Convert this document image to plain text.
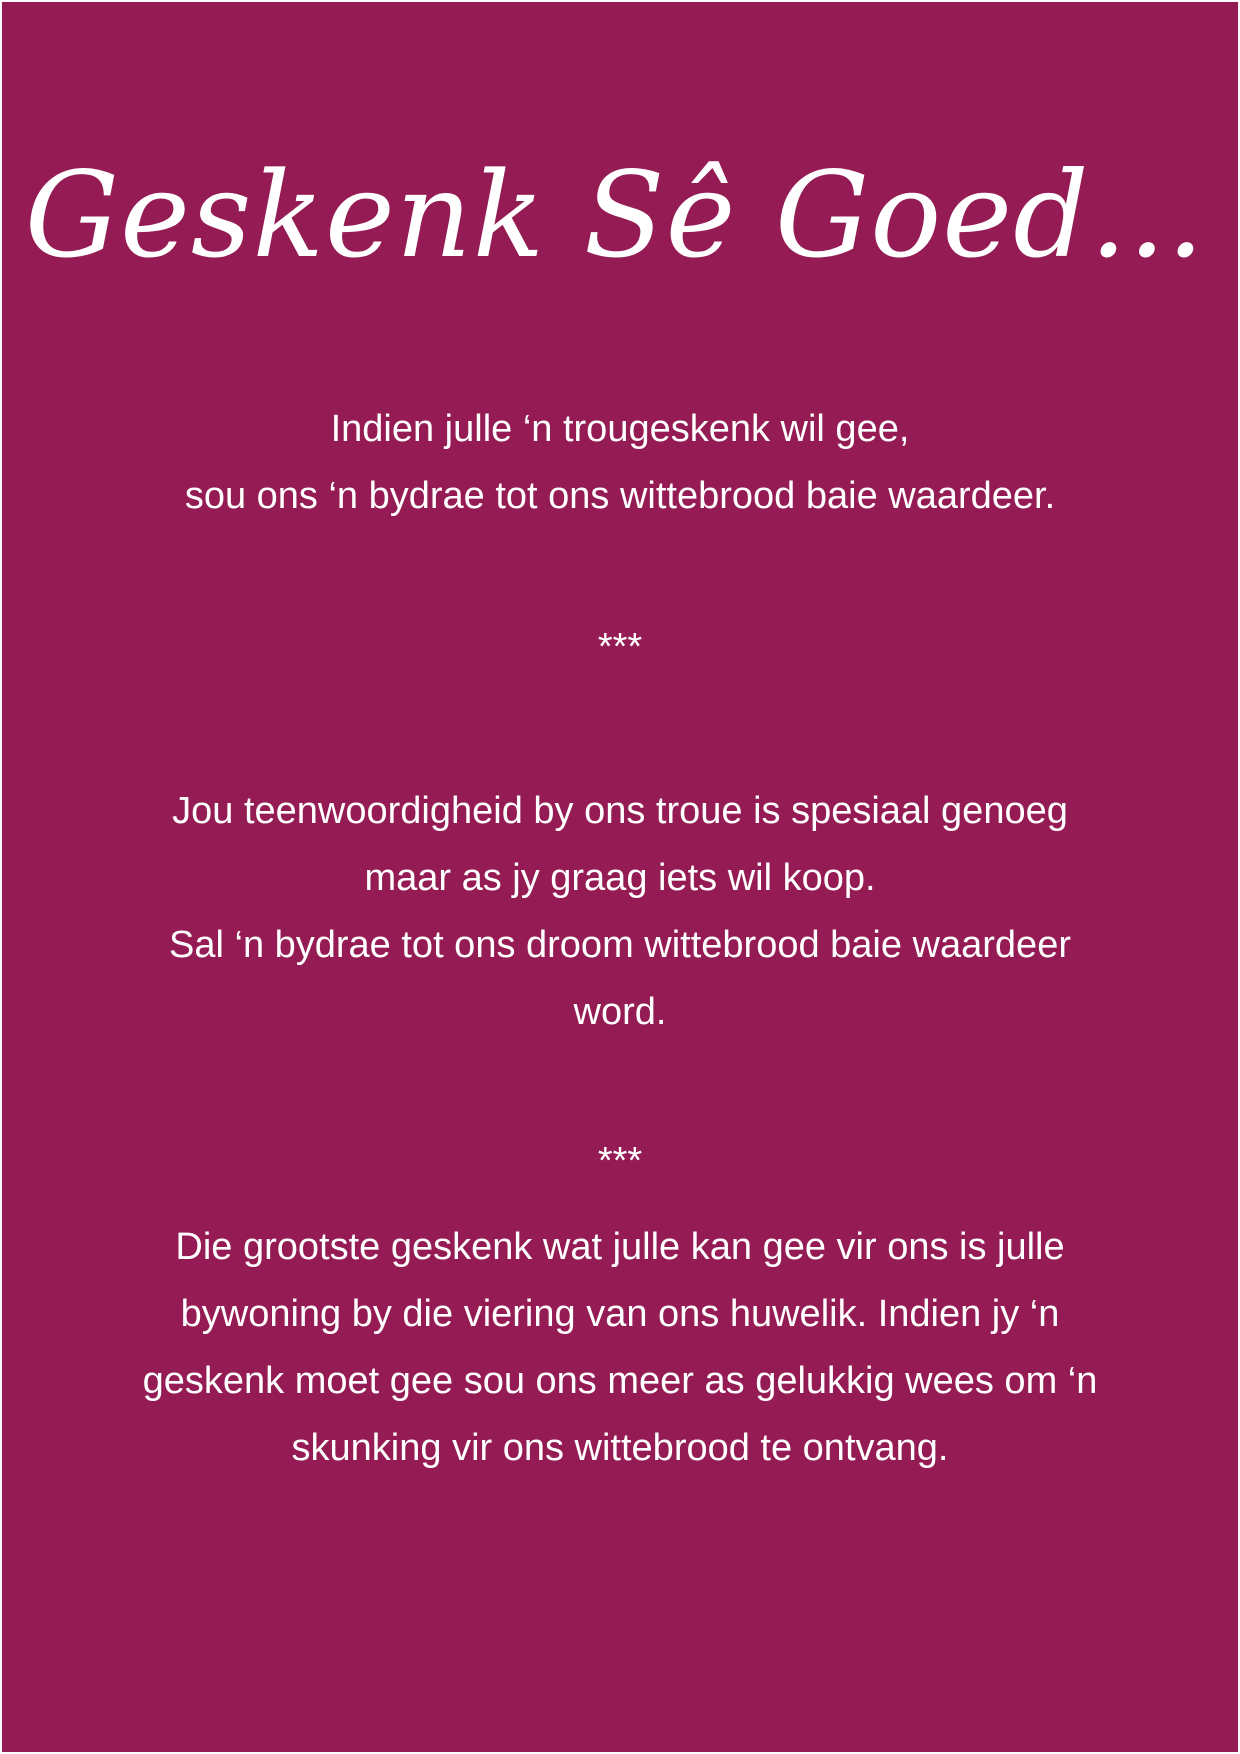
Geskenk Sê Goed...
Indien julle ‘n trougeskenk wil gee,
sou ons ‘n bydrae tot ons wittebrood baie waardeer.
***
Jou teenwoordigheid by ons troue is spesiaal genoeg
maar as jy graag iets wil koop.
Sal ‘n bydrae tot ons droom wittebrood baie waardeer
word.
***
Die grootste geskenk wat julle kan gee vir ons is julle
bywoning by die viering van ons huwelik. Indien jy ‘n
geskenk moet gee sou ons meer as gelukkig wees om ‘n
skunking vir ons wittebrood te ontvang.
